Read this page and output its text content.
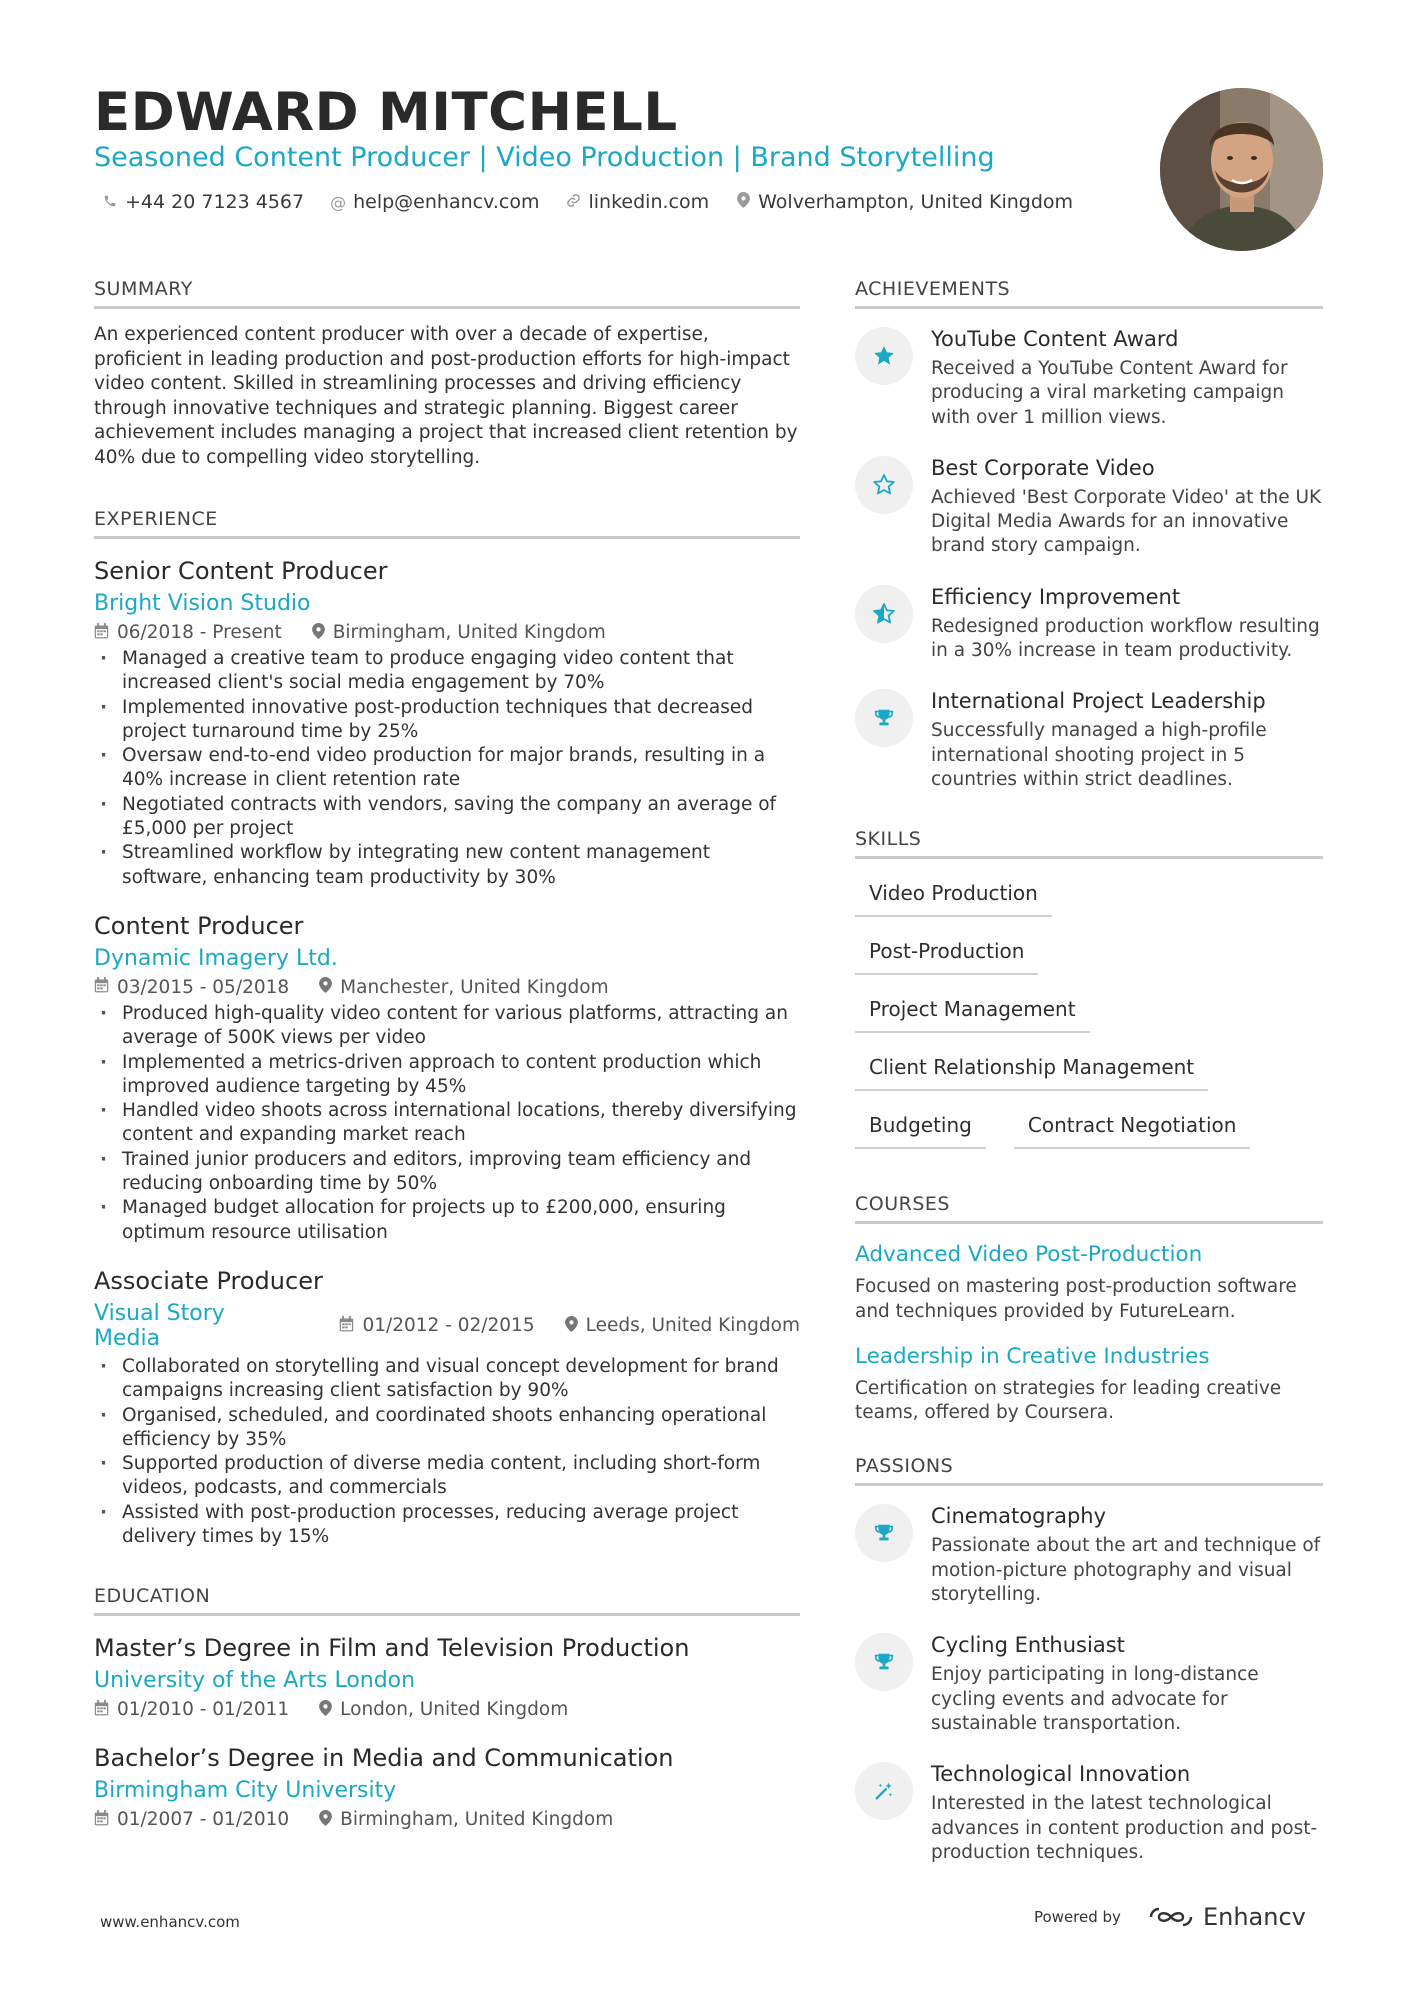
EDWARD MITCHELL
Seasoned Content Producer | Video Production | Brand Storytelling
+44 20 7123 4567 @ help@enhancv.com	linkedin.com	Wolverhampton, United Kingdom
SUMMARY

An experienced content producer with over a decade of expertise, proficient in leading production and post-production efforts for high-impact video content. Skilled in streamlining processes and driving efficiency through innovative techniques and strategic planning. Biggest career achievement includes managing a project that increased client retention by 40% due to compelling video storytelling.

EXPERIENCE
Senior Content Producer
Bright Vision Studio
06/2018 - Present	Birmingham, United Kingdom
· Managed a creative team to produce engaging video content that increased client's social media engagement by 70%
· Implemented innovative post-production techniques that decreased project turnaround time by 25%
· Oversaw end-to-end video production for major brands, resulting in a 40% increase in client retention rate
· Negotiated contracts with vendors, saving the company an average of £5,000 per project
· Streamlined workflow by integrating new content management software, enhancing team productivity by 30%
Content Producer
Dynamic Imagery Ltd.
03/2015 - 05/2018	Manchester, United Kingdom
· Produced high-quality video content for various platforms, attracting an average of 500K views per video
· Implemented a metrics-driven approach to content production which improved audience targeting by 45%
· Handled video shoots across international locations, thereby diversifying content and expanding market reach
· Trained junior producers and editors, improving team efficiency and reducing onboarding time by 50%
· Managed budget allocation for projects up to £200,000, ensuring optimum resource utilisation
Associate Producer
Visual Story Media	01/2012 - 02/2015	Leeds, United Kingdom
· Collaborated on storytelling and visual concept development for brand campaigns increasing client satisfaction by 90%
· Organised, scheduled, and coordinated shoots enhancing operational efficiency by 35%
· Supported production of diverse media content, including short-form videos, podcasts, and commercials
· Assisted with post-production processes, reducing average project delivery times by 15%
EDUCATION
Master’s Degree in Film and Television Production
University of the Arts London
01/2010 - 01/2011	London, United Kingdom
Bachelor’s Degree in Media and Communication
Birmingham City University
01/2007 - 01/2010	Birmingham, United Kingdom
ACHIEVEMENTS
YouTube Content Award
Received a YouTube Content Award for producing a viral marketing campaign with over 1 million views.
Best Corporate Video
Achieved 'Best Corporate Video' at the UK Digital Media Awards for an innovative brand story campaign.
Efficiency Improvement
Redesigned production workflow resulting in a 30% increase in team productivity.
International Project Leadership
Successfully managed a high-profile international shooting project in 5 countries within strict deadlines.
SKILLS
Video Production
Post-Production
Project Management
Client Relationship Management
Budgeting	Contract Negotiation
COURSES
Advanced Video Post-Production
Focused on mastering post-production software and techniques provided by FutureLearn.
Leadership in Creative Industries
Certification on strategies for leading creative teams, offered by Coursera.
PASSIONS
Cinematography
Passionate about the art and technique of motion-picture photography and visual storytelling.
Cycling Enthusiast
Enjoy participating in long-distance cycling events and advocate for sustainable transportation.
Technological Innovation
Interested in the latest technological advances in content production and post-production techniques.
www.enhancv.com	Powered by	Enhancv
